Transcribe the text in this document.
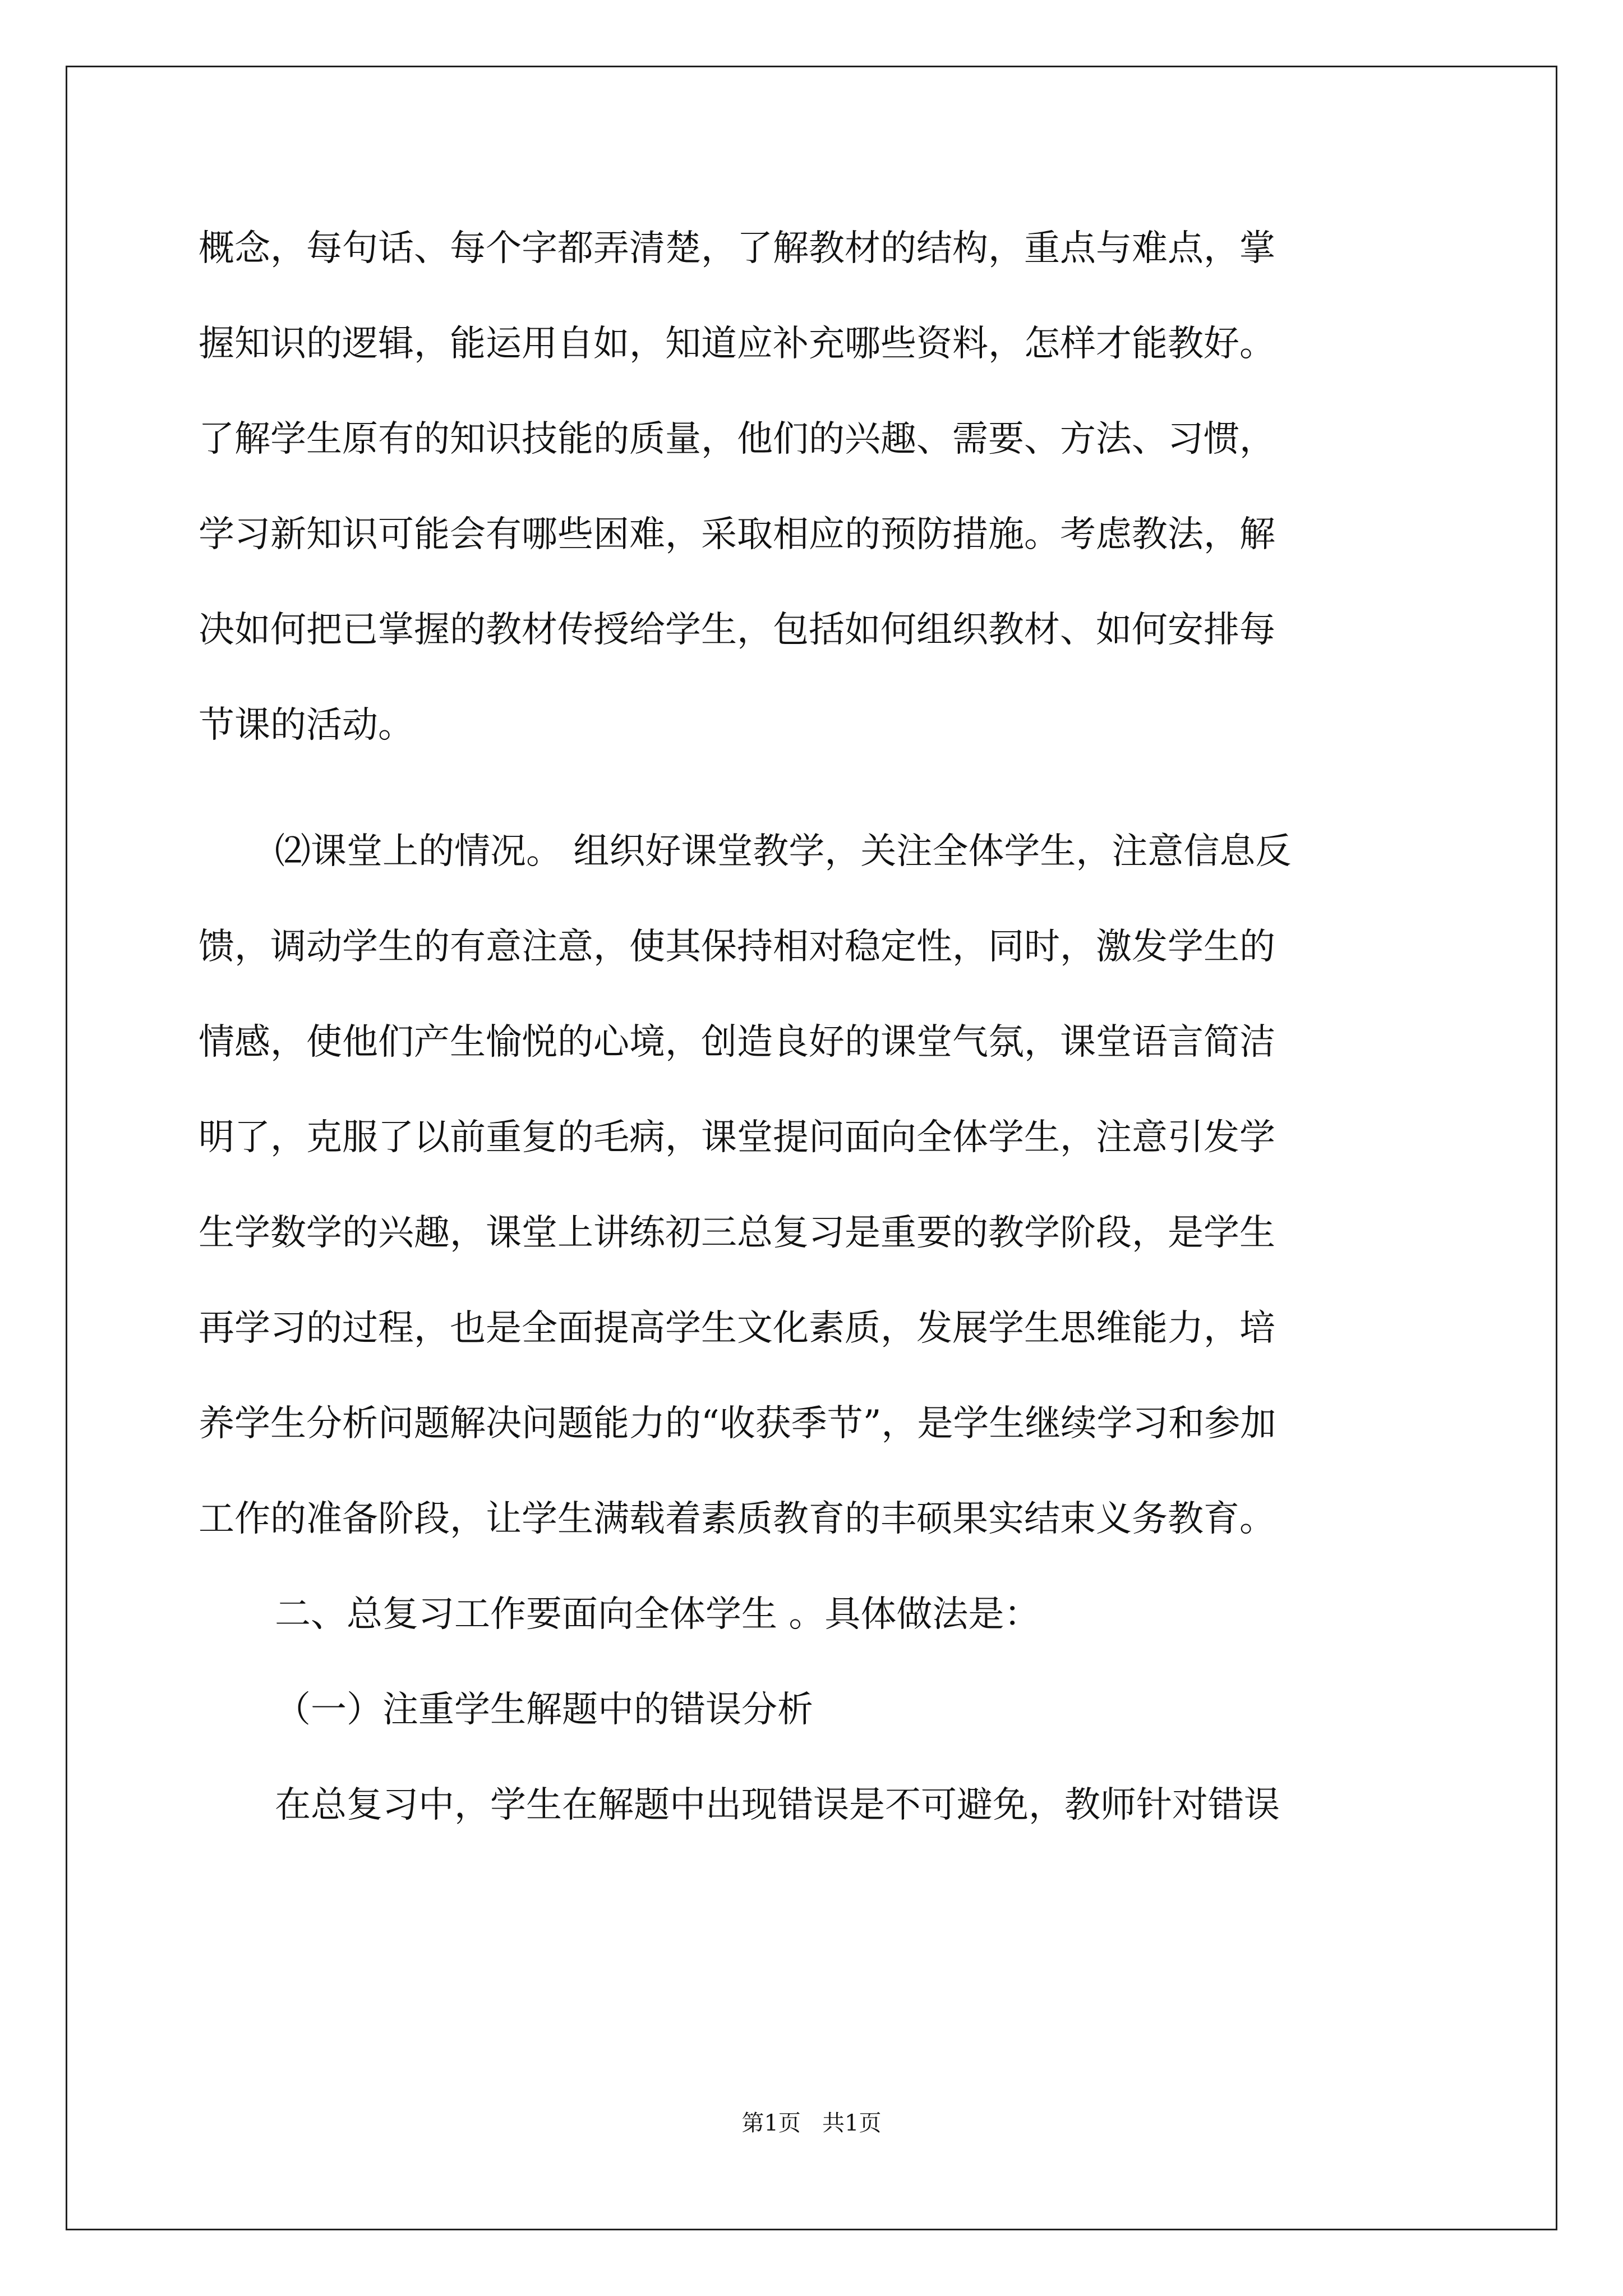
概念，每句话、每个字都弄清楚，了解教材的结构，重点与难点，掌
握知识的逻辑，能运用自如，知道应补充哪些资料，怎样才能教好。
了解学生原有的知识技能的质量，他们的兴趣、需要、方法、习惯，
学习新知识可能会有哪些困难，采取相应的预防措施。考虑教法，解
决如何把已掌握的教材传授给学生，包括如何组织教材、如何安排每
节课的活动。
⑵课堂上的情况。 组织好课堂教学，关注全体学生，注意信息反
馈，调动学生的有意注意，使其保持相对稳定性，同时，激发学生的
情感，使他们产生愉悦的心境，创造良好的课堂气氛，课堂语言简洁
明了，克服了以前重复的毛病，课堂提问面向全体学生，注意引发学
生学数学的兴趣，课堂上讲练初三总复习是重要的教学阶段，是学生
再学习的过程，也是全面提高学生文化素质，发展学生思维能力，培
养学生分析问题解决问题能力的“收获季节”，是学生继续学习和参加
工作的准备阶段，让学生满载着素质教育的丰硕果实结束义务教育。
二、总复习工作要面向全体学生 。具体做法是：
（一）注重学生解题中的错误分析
在总复习中，学生在解题中出现错误是不可避免，教师针对错误
第1页   共1页
